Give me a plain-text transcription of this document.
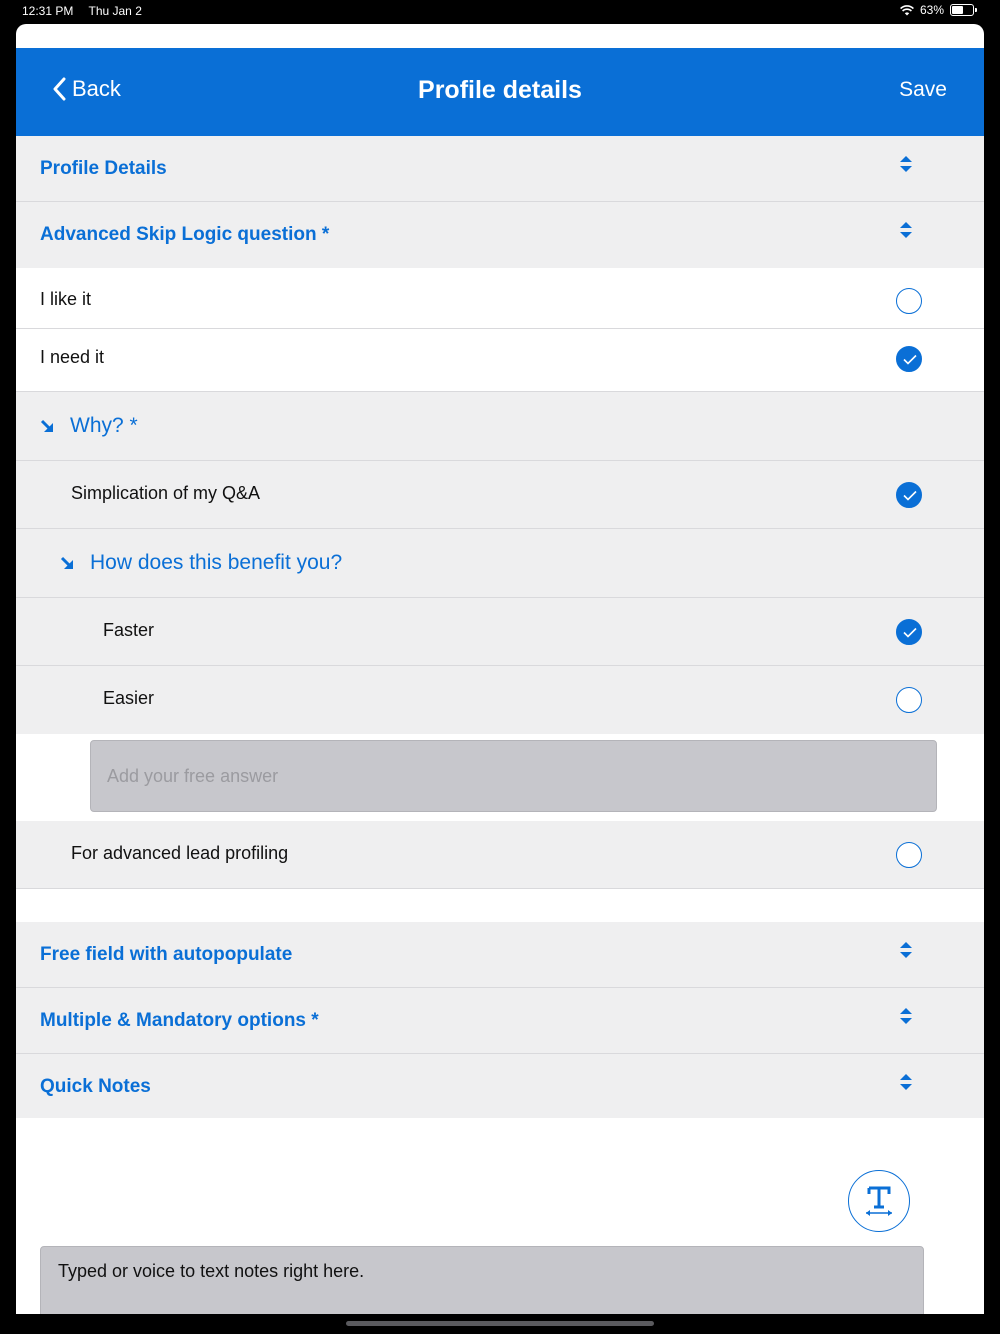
12:31 PM Thu Jan 2	63%
Back	Profile details	Save
Profile Details
Advanced Skip Logic question *
I like it
I need it
Why? *
Simplication of my Q&A
How does this benefit you?
Faster
Easier
Add your free answer
For advanced lead profiling
Free field with autopopulate
Multiple & Mandatory options *
Quick Notes
Typed or voice to text notes right here.
